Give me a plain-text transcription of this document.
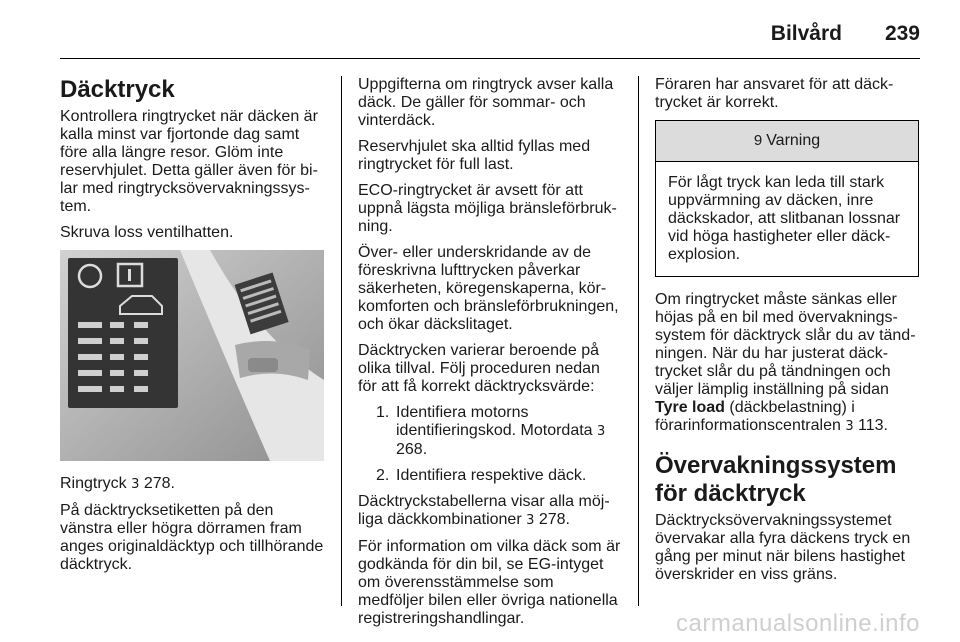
Bilvård 239
Däcktryck

Kontrollera ringtrycket när däcken är kalla minst var fjortonde dag samt före alla längre resor. Glöm inte reservhjulet. Detta gäller även för bilar med ringtrycksövervakningssystem.

Skruva loss ventilhatten.

Ringtryck 3 278.

På däcktrycksetiketten på den vänstra eller högra dörramen fram anges originaldäcktyp och tillhörande däcktryck.

Uppgifterna om ringtryck avser kalla däck. De gäller för sommar- och vinterdäck.

Reservhjulet ska alltid fyllas med ringtrycket för full last.

ECO-ringtrycket är avsett för att uppnå lägsta möjliga bränsleförbrukning.

Över- eller underskridande av de föreskrivna lufttrycken påverkar säkerheten, köregenskaperna, körkomforten och bränsleförbrukningen, och ökar däckslitaget.

Däcktrycken varierar beroende på olika tillval. Följ proceduren nedan för att få korrekt däcktrycksvärde:

1. Identifiera motorns identifieringskod. Motordata 3 268.
2. Identifiera respektive däck.

Däcktryckstabellerna visar alla möjliga däckkombinationer 3 278.

För information om vilka däck som är godkända för din bil, se EG-intyget om överensstämmelse som medföljer bilen eller övriga nationella registreringshandlingar.

Föraren har ansvaret för att däcktrycket är korrekt.

9 Varning

För lågt tryck kan leda till stark uppvärmning av däcken, inre däckskador, att slitbanan lossnar vid höga hastigheter eller däckexplosion.

Om ringtrycket måste sänkas eller höjas på en bil med övervakningssystem för däcktryck slår du av tändningen. När du har justerat däcktrycket slår du på tändningen och väljer lämplig inställning på sidan Tyre load (däckbelastning) i förarinformationscentralen 3 113.

Övervakningssystem för däcktryck

Däcktrycksövervakningssystemet övervakar alla fyra däckens tryck en gång per minut när bilens hastighet överskrider en viss gräns.

carmanualsonline.info
